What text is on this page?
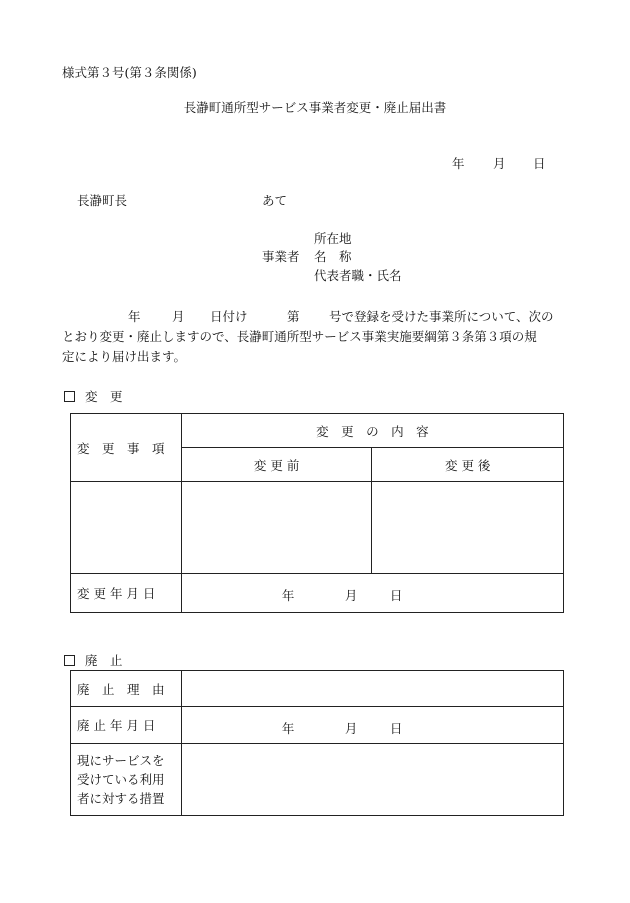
様式第３号(第３条関係)
長瀞町通所型サービス事業者変更・廃止届出書
年 月 日
長瀞町長	あて
所在地
事業者 名　称
代表者職・氏名
年	月 日付け	第 号で登録を受けた事業所について、次の
とおり変更・廃止しますので、長瀞町通所型サービス事業実施要綱第３条第３項の規
定により届け出ます。
変　更
変　更　事　項	変　更　の　内　容	
	変 更 前	変 更 後

変 更 年 月 日	年 月 日	
廃　止
廃　止　理　由	
廃 止 年 月 日	年 月 日

現にサービスを
受けている利用
者に対する措置	
